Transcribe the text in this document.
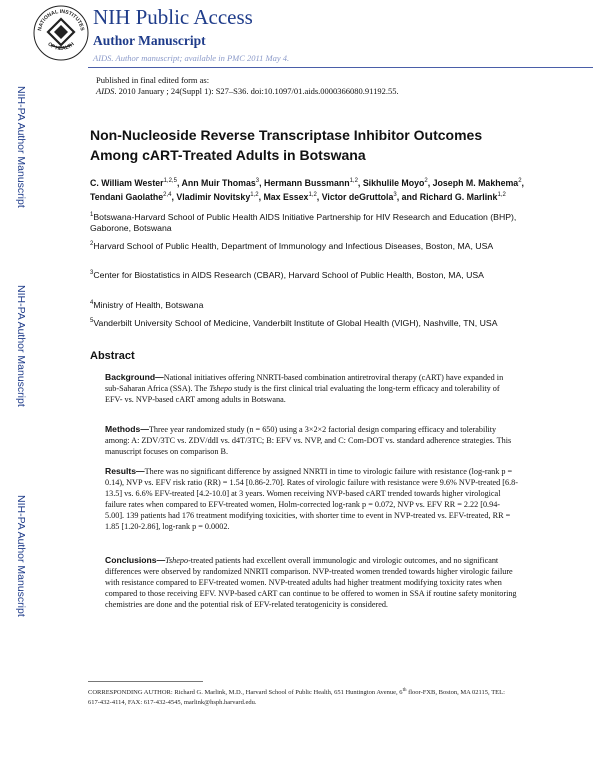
NATIONAL INSTITUTES
OF HEALTH
NIH Public Access
Author Manuscript
AIDS. Author manuscript; available in PMC 2011 May 4.
Published in final edited form as:
AIDS. 2010 January ; 24(Suppl 1): S27–S36. doi:10.1097/01.aids.0000366080.91192.55.
NIH-PA Author Manuscript
NIH-PA Author Manuscript
NIH-PA Author Manuscript
Non-Nucleoside Reverse Transcriptase Inhibitor Outcomes
Among cART-Treated Adults in Botswana
C. William Wester$^{1,2,5}$, Ann Muir Thomas$^3$, Hermann Bussmann$^{1,2}$, Sikhulile Moyo$^2$, Joseph M. Makhema$^2$, Tendani Gaolathe$^{2,4}$, Vladimir Novitsky$^{1,2}$, Max Essex$^{1,2}$, Victor deGruttola$^3$, and Richard G. Marlink$^{1,2}$
$^1$Botswana-Harvard School of Public Health AIDS Initiative Partnership for HIV Research and Education (BHP), Gaborone, Botswana
$^2$Harvard School of Public Health, Department of Immunology and Infectious Diseases, Boston, MA, USA
$^3$Center for Biostatistics in AIDS Research (CBAR), Harvard School of Public Health, Boston, MA, USA
$^4$Ministry of Health, Botswana
$^5$Vanderbilt University School of Medicine, Vanderbilt Institute of Global Health (VIGH), Nashville, TN, USA
Abstract
Background—National initiatives offering NNRTI-based combination antiretroviral therapy (cART) have expanded in sub-Saharan Africa (SSA). The Tshepo study is the first clinical trial evaluating the long-term efficacy and tolerability of EFV- vs. NVP-based cART among adults in Botswana.
Methods—Three year randomized study (n = 650) using a 3×2×2 factorial design comparing efficacy and tolerability among: A: ZDV/3TC vs. ZDV/ddI vs. d4T/3TC; B: EFV vs. NVP, and C: Com-DOT vs. standard adherence strategies. This manuscript focuses on comparison B.
Results—There was no significant difference by assigned NNRTI in time to virologic failure with resistance (log-rank p = 0.14), NVP vs. EFV risk ratio (RR) = 1.54 [0.86-2.70]. Rates of virologic failure with resistance were 9.6% NVP-treated [6.8-13.5] vs. 6.6% EFV-treated [4.2-10.0] at 3 years. Women receiving NVP-based cART trended towards higher virological failure rates when compared to EFV-treated women, Holm-corrected log-rank p = 0.072, NVP vs. EFV RR = 2.22 [0.94-5.00]. 139 patients had 176 treatment modifying toxicities, with shorter time to event in NVP-treated vs. EFV-treated, RR = 1.85 [1.20-2.86], log-rank p = 0.0002.
Conclusions—Tshepo-treated patients had excellent overall immunologic and virologic outcomes, and no significant differences were observed by randomized NNRTI comparison. NVP-treated women trended towards higher virologic failure with resistance compared to EFV-treated women. NVP-treated adults had higher treatment modifying toxicity rates when compared to those receiving EFV. NVP-based cART can continue to be offered to women in SSA if routine safety monitoring chemistries are done and the potential risk of EFV-related teratogenicity is considered.
CORRESPONDING AUTHOR: Richard G. Marlink, M.D., Harvard School of Public Health, 651 Huntington Avenue, 6th floor-FXB, Boston, MA 02115, TEL: 617-432-4114, FAX: 617-432-4545, marlink@hsph.harvard.edu.
